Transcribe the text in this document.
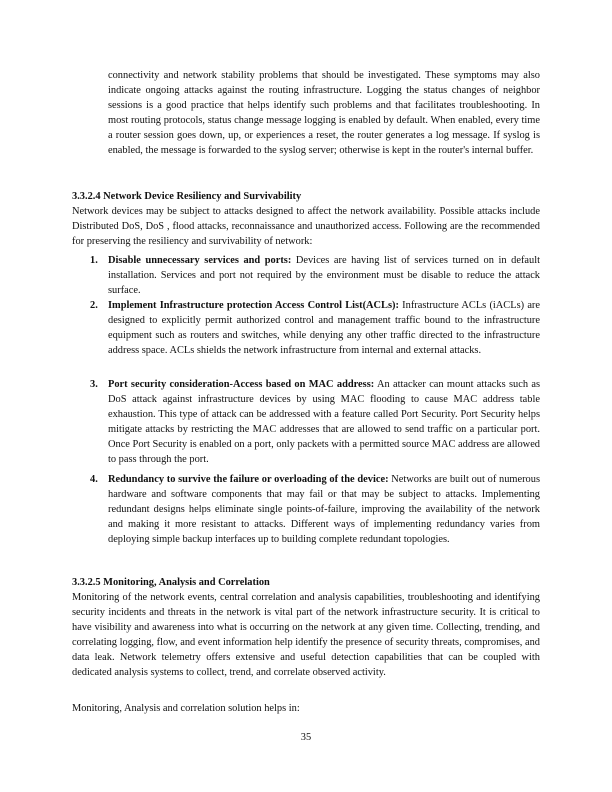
connectivity and network stability problems that should be investigated. These symptoms may also indicate ongoing attacks against the routing infrastructure. Logging the status changes of neighbor sessions is a good practice that helps identify such problems and that facilitates troubleshooting. In most routing protocols, status change message logging is enabled by default. When enabled, every time a router session goes down, up, or experiences a reset, the router generates a log message. If syslog is enabled, the message is forwarded to the syslog server; otherwise is kept in the router's internal buffer.

3.3.2.4 Network Device Resiliency and Survivability

Network devices may be subject to attacks designed to affect the network availability. Possible attacks include Distributed DoS, DoS , flood attacks, reconnaissance and unauthorized access. Following are the recommended for preserving the resiliency and survivability of network:

1. Disable unnecessary services and ports: Devices are having list of services turned on in default installation. Services and port not required by the environment must be disable to reduce the attack surface.

2. Implement Infrastructure protection Access Control List(ACLs): Infrastructure ACLs (iACLs) are designed to explicitly permit authorized control and management traffic bound to the infrastructure equipment such as routers and switches, while denying any other traffic directed to the infrastructure address space. ACLs shields the network infrastructure from internal and external attacks.

3. Port security consideration-Access based on MAC address: An attacker can mount attacks such as DoS attack against infrastructure devices by using MAC flooding to cause MAC address table exhaustion. This type of attack can be addressed with a feature called Port Security. Port Security helps mitigate attacks by restricting the MAC addresses that are allowed to send traffic on a particular port. Once Port Security is enabled on a port, only packets with a permitted source MAC address are allowed to pass through the port.

4. Redundancy to survive the failure or overloading of the device: Networks are built out of numerous hardware and software components that may fail or that may be subject to attacks. Implementing redundant designs helps eliminate single points-of-failure, improving the availability of the network and making it more resistant to attacks. Different ways of implementing redundancy varies from deploying simple backup interfaces up to building complete redundant topologies.

3.3.2.5 Monitoring, Analysis and Correlation

Monitoring of the network events, central correlation and analysis capabilities, troubleshooting and identifying security incidents and threats in the network is vital part of the network infrastructure security. It is critical to have visibility and awareness into what is occurring on the network at any given time. Collecting, trending, and correlating logging, flow, and event information help identify the presence of security threats, compromises, and data leak. Network telemetry offers extensive and useful detection capabilities that can be coupled with dedicated analysis systems to collect, trend, and correlate observed activity.

Monitoring, Analysis and correlation solution helps in:

35
